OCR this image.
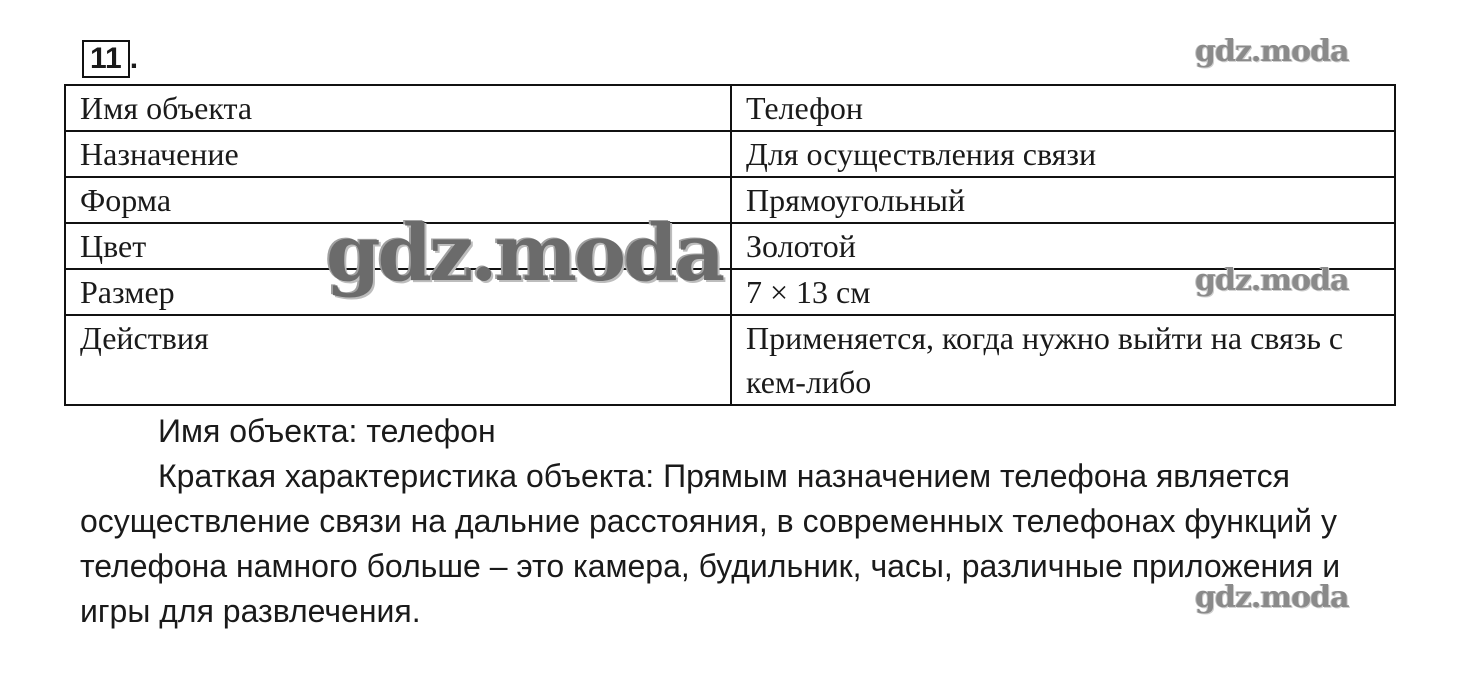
11 .	gdz.moda
Имя объекта	Телефон
Назначение	Для осуществления связи
Форма	Прямоугольный
Цвет	Золотой
Размер	7 × 13 см
Действия	Применяется, когда нужно выйти на связь с кем-либо
gdz.moda	gdz.moda

Имя объекта: телефон

Краткая характеристика объекта: Прямым назначением телефона является осуществление связи на дальние расстояния, в современных телефонах функций у телефона намного больше – это камера, будильник, часы, различные приложения и игры для развлечения.	gdz.moda
